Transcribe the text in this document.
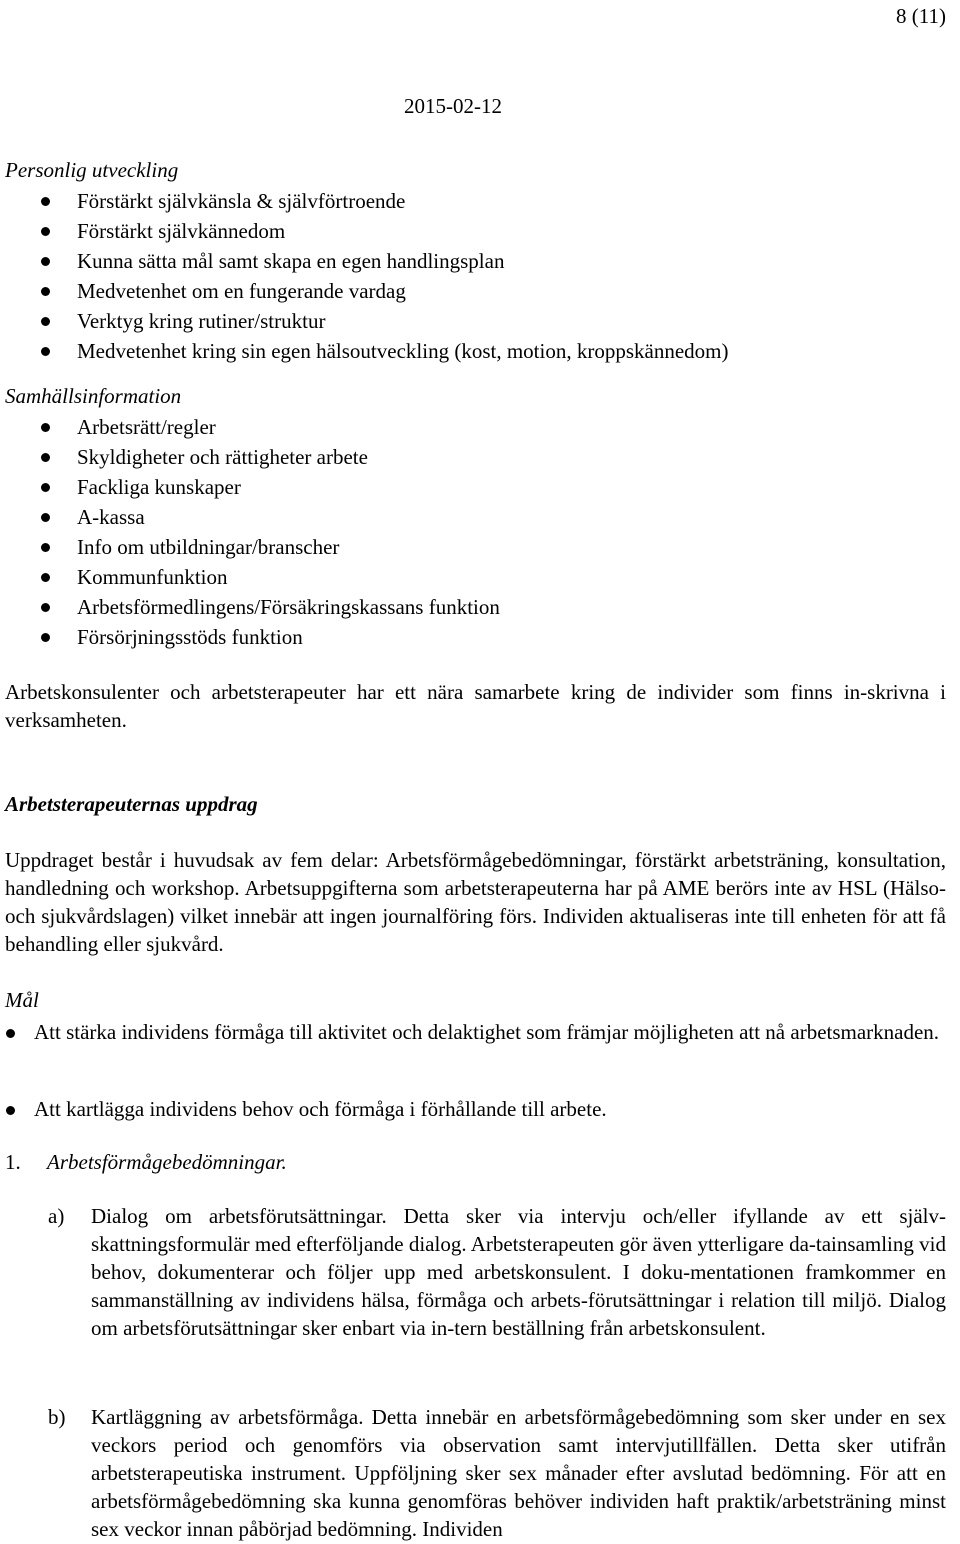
8 (11)
2015-02-12
Personlig utveckling
Förstärkt självkänsla & självförtroende
Förstärkt självkännedom
Kunna sätta mål samt skapa en egen handlingsplan
Medvetenhet om en fungerande vardag
Verktyg kring rutiner/struktur
Medvetenhet kring sin egen hälsoutveckling (kost, motion, kroppskännedom)
Samhällsinformation
Arbetsrätt/regler
Skyldigheter och rättigheter arbete
Fackliga kunskaper
A-kassa
Info om utbildningar/branscher
Kommunfunktion
Arbetsförmedlingens/Försäkringskassans funktion
Försörjningsstöds funktion
Arbetskonsulenter och arbetsterapeuter har ett nära samarbete kring de individer som finns in-skrivna i verksamheten.
Arbetsterapeuternas uppdrag
Uppdraget består i huvudsak av fem delar: Arbetsförmågebedömningar, förstärkt arbetsträning, konsultation, handledning och workshop. Arbetsuppgifterna som arbetsterapeuterna har på AME berörs inte av HSL (Hälso- och sjukvårdslagen) vilket innebär att ingen journalföring förs. Individen aktualiseras inte till enheten för att få behandling eller sjukvård.
Mål
Att stärka individens förmåga till aktivitet och delaktighet som främjar möjligheten att nå arbetsmarknaden.
Att kartlägga individens behov och förmåga i förhållande till arbete.
1. Arbetsförmågebedömningar.
a) Dialog om arbetsförutsättningar. Detta sker via intervju och/eller ifyllande av ett själv-skattningsformulär med efterföljande dialog. Arbetsterapeuten gör även ytterligare da-tainsamling vid behov, dokumenterar och följer upp med arbetskonsulent. I doku-mentationen framkommer en sammanställning av individens hälsa, förmåga och arbets-förutsättningar i relation till miljö. Dialog om arbetsförutsättningar sker enbart via in-tern beställning från arbetskonsulent.
b) Kartläggning av arbetsförmåga. Detta innebär en arbetsförmågebedömning som sker under en sex veckors period och genomförs via observation samt intervjutillfällen. Detta sker utifrån arbetsterapeutiska instrument. Uppföljning sker sex månader efter avslutad bedömning. För att en arbetsförmågebedömning ska kunna genomföras behöver individen haft praktik/arbetsträning minst sex veckor innan påbörjad bedömning. Individen
